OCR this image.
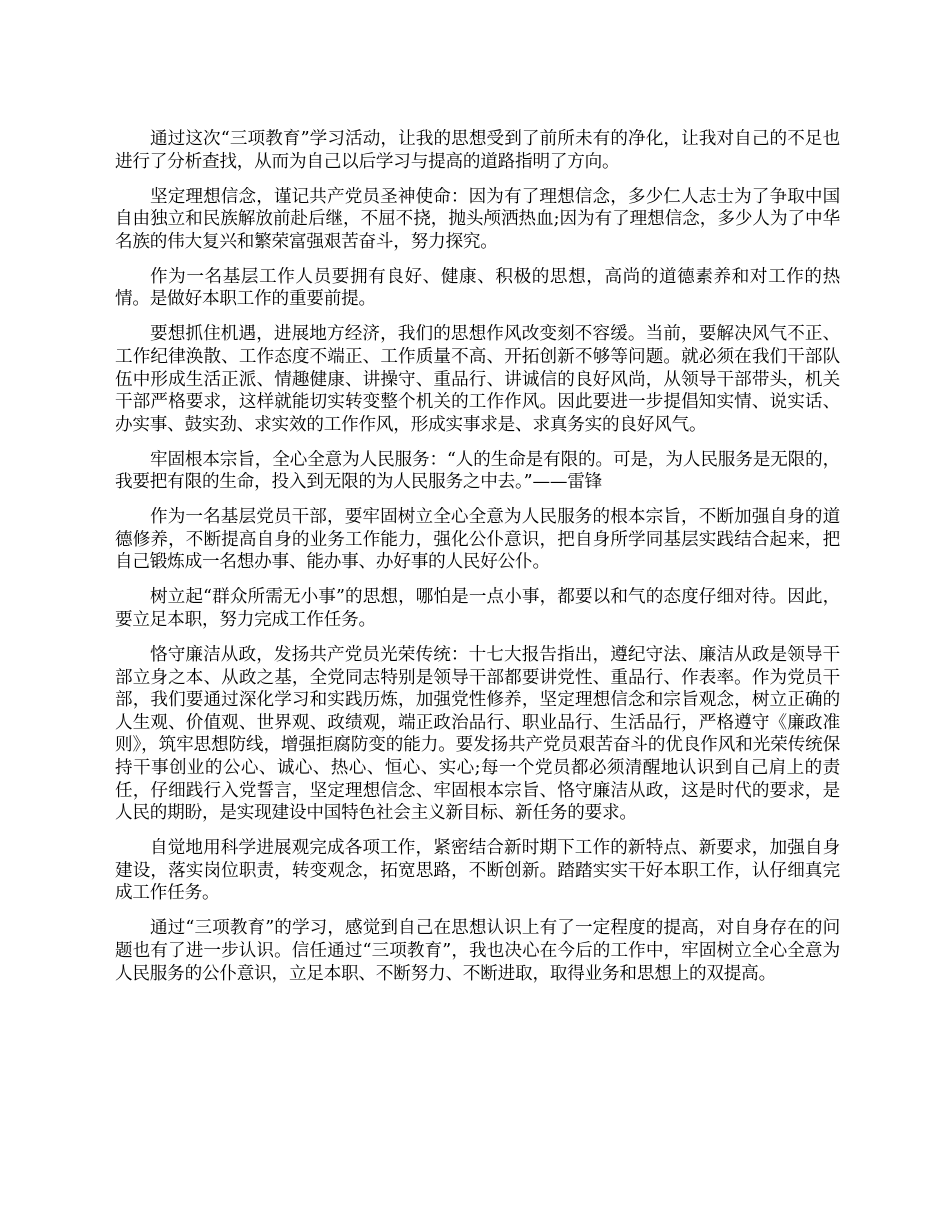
通过这次“三项教育”学习活动，让我的思想受到了前所未有的净化，让我对自己的不足也进行了分析查找，从而为自己以后学习与提高的道路指明了方向。

坚定理想信念，谨记共产党员圣神使命：因为有了理想信念，多少仁人志士为了争取中国自由独立和民族解放前赴后继，不屈不挠，抛头颅洒热血;因为有了理想信念，多少人为了中华名族的伟大复兴和繁荣富强艰苦奋斗，努力探究。

作为一名基层工作人员要拥有良好、健康、积极的思想，高尚的道德素养和对工作的热情。是做好本职工作的重要前提。

要想抓住机遇，进展地方经济，我们的思想作风改变刻不容缓。当前，要解决风气不正、工作纪律涣散、工作态度不端正、工作质量不高、开拓创新不够等问题。就必须在我们干部队伍中形成生活正派、情趣健康、讲操守、重品行、讲诚信的良好风尚，从领导干部带头，机关干部严格要求，这样就能切实转变整个机关的工作作风。因此要进一步提倡知实情、说实话、办实事、鼓实劲、求实效的工作作风，形成实事求是、求真务实的良好风气。

牢固根本宗旨，全心全意为人民服务：“人的生命是有限的。可是，为人民服务是无限的，我要把有限的生命，投入到无限的为人民服务之中去。”——雷锋

作为一名基层党员干部，要牢固树立全心全意为人民服务的根本宗旨，不断加强自身的道德修养，不断提高自身的业务工作能力，强化公仆意识，把自身所学同基层实践结合起来，把自己锻炼成一名想办事、能办事、办好事的人民好公仆。

树立起“群众所需无小事”的思想，哪怕是一点小事，都要以和气的态度仔细对待。因此，要立足本职，努力完成工作任务。

恪守廉洁从政，发扬共产党员光荣传统：十七大报告指出，遵纪守法、廉洁从政是领导干部立身之本、从政之基，全党同志特别是领导干部都要讲党性、重品行、作表率。作为党员干部，我们要通过深化学习和实践历炼，加强党性修养，坚定理想信念和宗旨观念，树立正确的人生观、价值观、世界观、政绩观，端正政治品行、职业品行、生活品行，严格遵守《廉政准则》，筑牢思想防线，增强拒腐防变的能力。要发扬共产党员艰苦奋斗的优良作风和光荣传统保持干事创业的公心、诚心、热心、恒心、实心;每一个党员都必须清醒地认识到自己肩上的责任，仔细践行入党誓言，坚定理想信念、牢固根本宗旨、恪守廉洁从政，这是时代的要求，是人民的期盼，是实现建设中国特色社会主义新目标、新任务的要求。

自觉地用科学进展观完成各项工作，紧密结合新时期下工作的新特点、新要求，加强自身建设，落实岗位职责，转变观念，拓宽思路，不断创新。踏踏实实干好本职工作，认仔细真完成工作任务。

通过“三项教育”的学习，感觉到自己在思想认识上有了一定程度的提高，对自身存在的问题也有了进一步认识。信任通过“三项教育”，我也决心在今后的工作中，牢固树立全心全意为人民服务的公仆意识，立足本职、不断努力、不断进取，取得业务和思想上的双提高。
